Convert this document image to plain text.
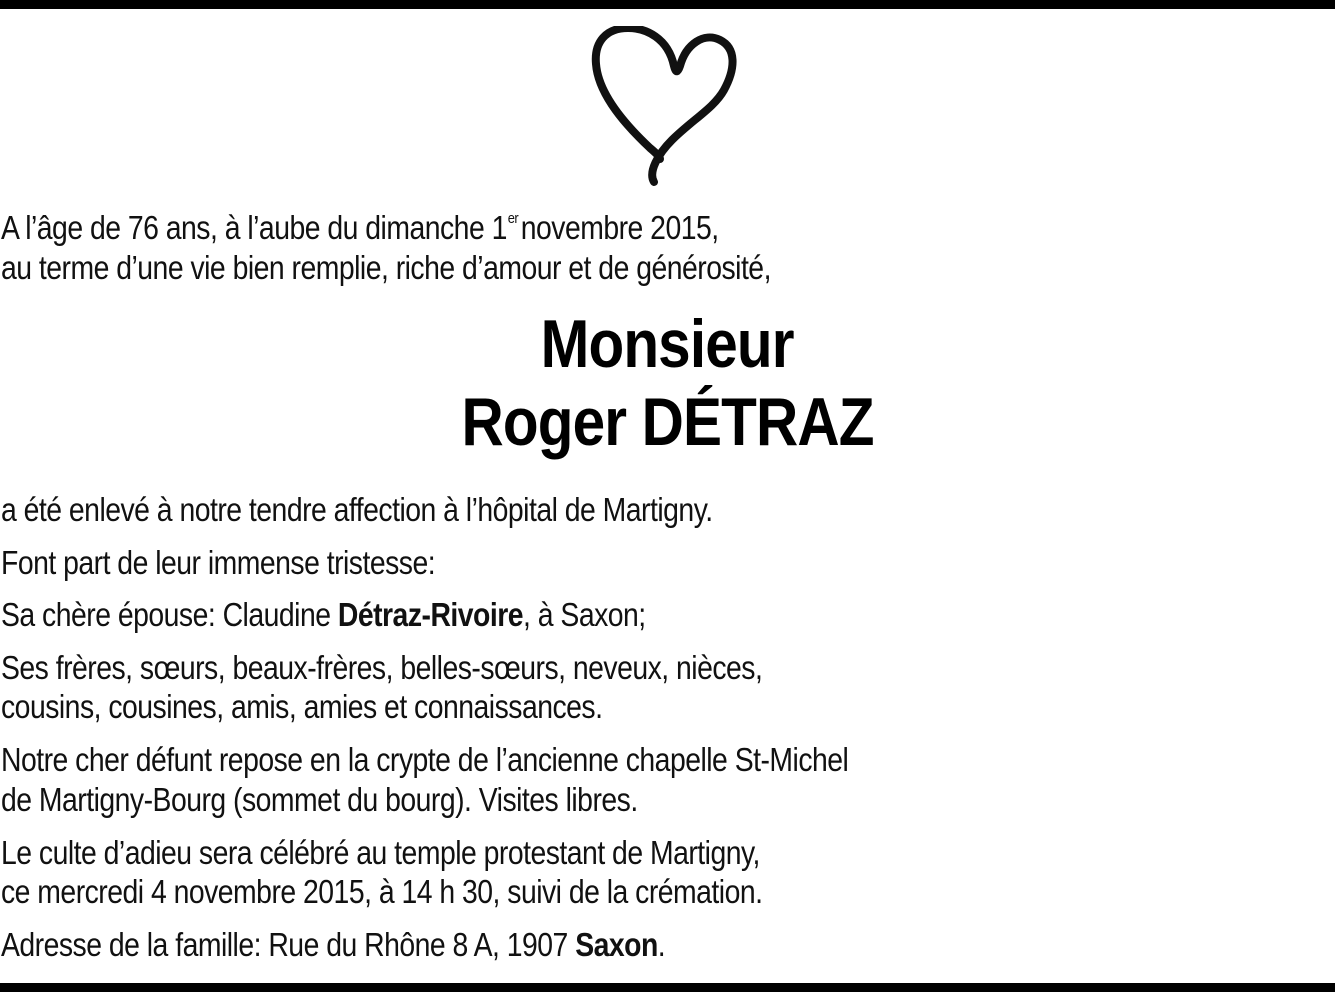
A l’âge de 76 ans, à l’aube du dimanche 1ernovembre 2015,
au terme d’une vie bien remplie, riche d’amour et de générosité,
Monsieur
Roger DÉTRAZ
a été enlevé à notre tendre affection à l’hôpital de Martigny.
Font part de leur immense tristesse:
Sa chère épouse: Claudine Détraz-Rivoire, à Saxon;
Ses frères, sœurs, beaux-frères, belles-sœurs, neveux, nièces,
cousins, cousines, amis, amies et connaissances.
Notre cher défunt repose en la crypte de l’ancienne chapelle St-Michel
de Martigny-Bourg (sommet du bourg). Visites libres.
Le culte d’adieu sera célébré au temple protestant de Martigny,
ce mercredi 4 novembre 2015, à 14 h 30, suivi de la crémation.
Adresse de la famille: Rue du Rhône 8 A, 1907 Saxon.
